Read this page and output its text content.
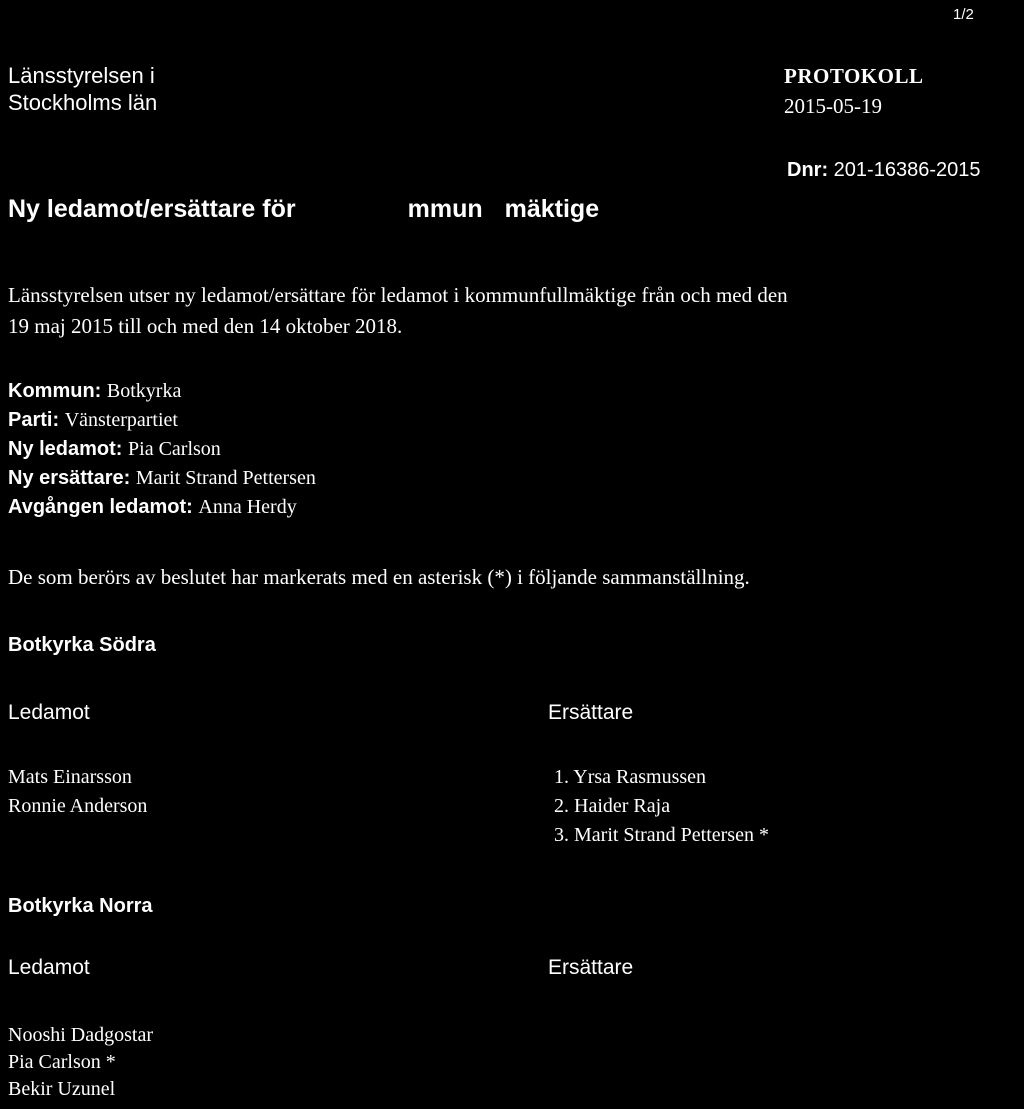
1/2
Länsstyrelsen i
Stockholms län
PROTOKOLL
2015-05-19
Dnr: 201-16386-2015
Ny ledamot/ersättare för	mmun mäktige
Länsstyrelsen utser ny ledamot/ersättare för ledamot i kommunfullmäktige från och med den
19 maj 2015 till och med den 14 oktober 2018.
Kommun: Botkyrka
Parti: Vänsterpartiet
Ny ledamot: Pia Carlson
Ny ersättare: Marit Strand Pettersen
Avgången ledamot: Anna Herdy
De som berörs av beslutet har markerats med en asterisk (*) i följande sammanställning.
Botkyrka Södra
Ledamot	Ersättare
Mats Einarsson
Ronnie Anderson
1. Yrsa Rasmussen
2. Haider Raja
3. Marit Strand Pettersen *
Botkyrka Norra
Ledamot	Ersättare
Nooshi Dadgostar
Pia Carlson *
Bekir Uzunel
